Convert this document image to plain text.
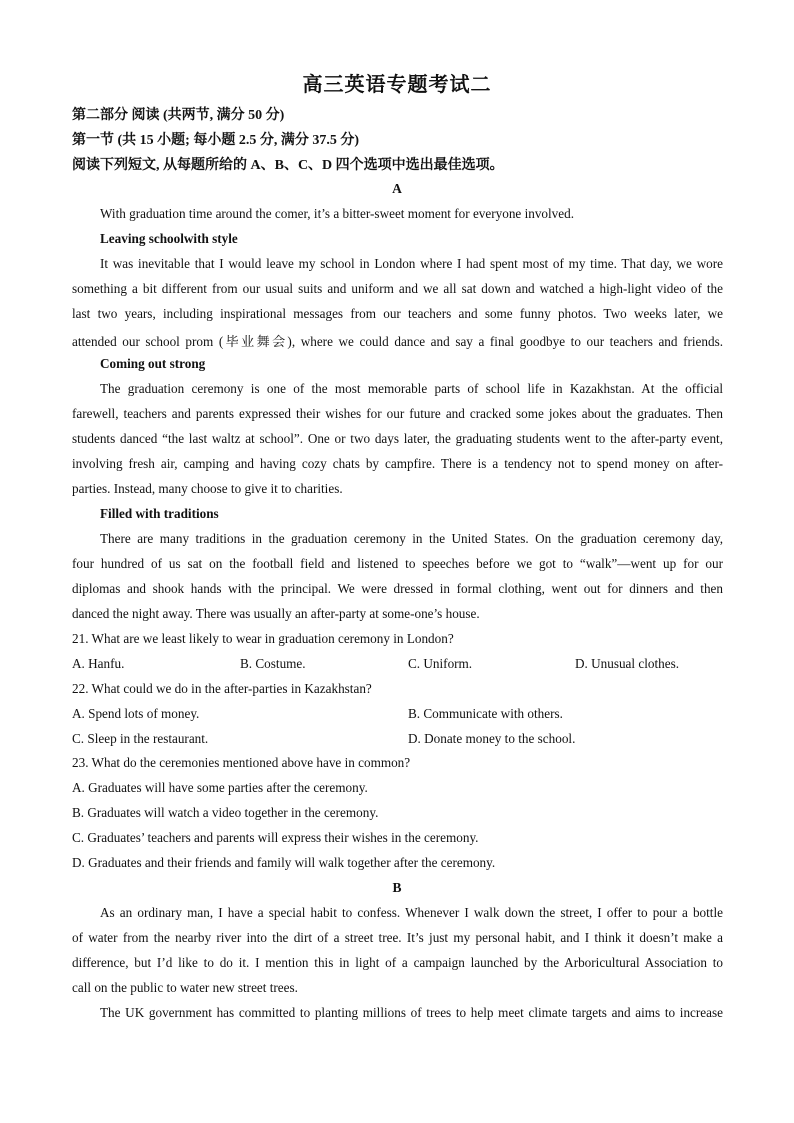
高三英语专题考试二
第二部分 阅读 (共两节, 满分 50 分)
第一节 (共 15 小题; 每小题 2.5 分, 满分 37.5 分)
阅读下列短文, 从每题所给的 A、B、C、D 四个选项中选出最佳选项。
A
With graduation time around the comer, it’s a bitter-sweet moment for everyone involved.
Leaving schoolwith style
It was inevitable that I would leave my school in London where I had spent most of my time. That day, we wore
something a bit different from our usual suits and uniform and we all sat down and watched a high-light video of the
last two years, including inspirational messages from our teachers and some funny photos. Two weeks later, we
attended our school prom (毕业舞会), where we could dance and say a final goodbye to our teachers and friends.
Coming out strong
The graduation ceremony is one of the most memorable parts of school life in Kazakhstan. At the official
farewell, teachers and parents expressed their wishes for our future and cracked some jokes about the graduates. Then
students danced “the last waltz at school”. One or two days later, the graduating students went to the after-party event,
involving fresh air, camping and having cozy chats by campfire. There is a tendency not to spend money on after-
parties. Instead, many choose to give it to charities.
Filled with traditions
There are many traditions in the graduation ceremony in the United States. On the graduation ceremony day,
four hundred of us sat on the football field and listened to speeches before we got to “walk”—went up for our
diplomas and shook hands with the principal. We were dressed in formal clothing, went out for dinners and then
danced the night away. There was usually an after-party at some-one’s house.
21. What are we least likely to wear in graduation ceremony in London?
A. Hanfu.	B. Costume.	C. Uniform.	D. Unusual clothes.
22. What could we do in the after-parties in Kazakhstan?
A. Spend lots of money.	B. Communicate with others.
C. Sleep in the restaurant.	D. Donate money to the school.
23. What do the ceremonies mentioned above have in common?
A. Graduates will have some parties after the ceremony.
B. Graduates will watch a video together in the ceremony.
C. Graduates’ teachers and parents will express their wishes in the ceremony.
D. Graduates and their friends and family will walk together after the ceremony.
B
As an ordinary man, I have a special habit to confess. Whenever I walk down the street, I offer to pour a bottle
of water from the nearby river into the dirt of a street tree. It’s just my personal habit, and I think it doesn’t make a
difference, but I’d like to do it. I mention this in light of a campaign launched by the Arboricultural Association to
call on the public to water new street trees.
The UK government has committed to planting millions of trees to help meet climate targets and aims to increase
